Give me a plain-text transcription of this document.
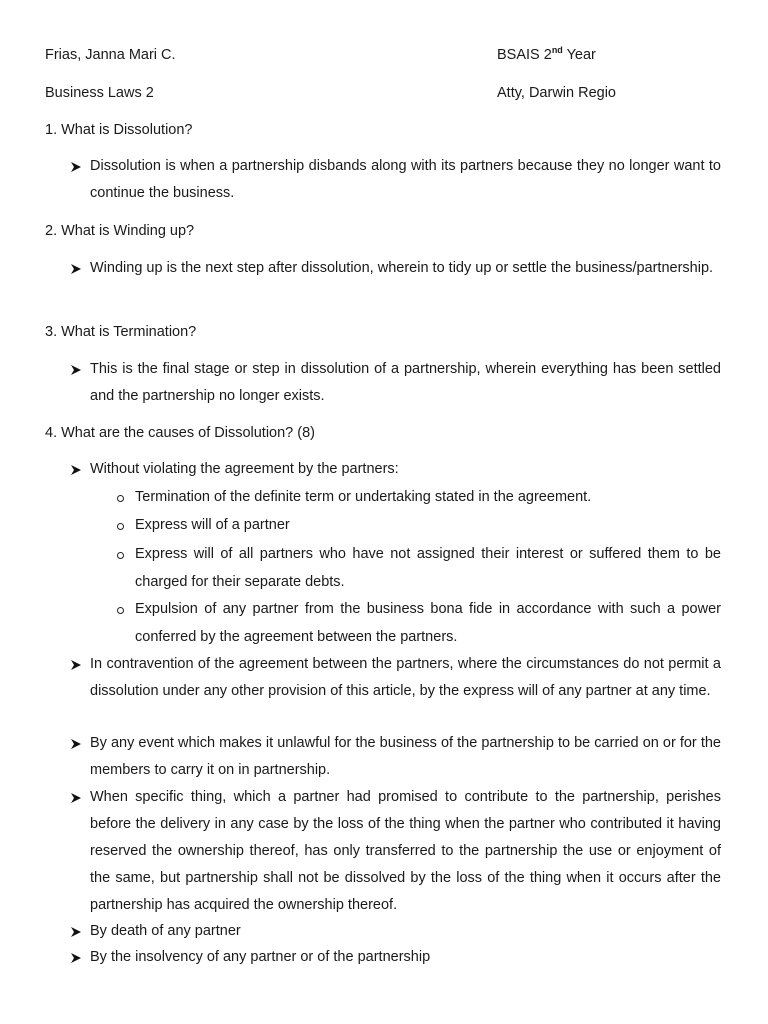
Frias, Janna Mari C.	BSAIS 2nd Year
Business Laws 2	Atty, Darwin Regio
1. What is Dissolution?
Dissolution is when a partnership disbands along with its partners because they no longer want to continue the business.
2. What is Winding up?
Winding up is the next step after dissolution, wherein to tidy up or settle the business/partnership.
3. What is Termination?
This is the final stage or step in dissolution of a partnership, wherein everything has been settled and the partnership no longer exists.
4. What are the causes of Dissolution? (8)
Without violating the agreement by the partners:
Termination of the definite term or undertaking stated in the agreement.
Express will of a partner
Express will of all partners who have not assigned their interest or suffered them to be charged for their separate debts.
Expulsion of any partner from the business bona fide in accordance with such a power conferred by the agreement between the partners.
In contravention of the agreement between the partners, where the circumstances do not permit a dissolution under any other provision of this article, by the express will of any partner at any time.
By any event which makes it unlawful for the business of the partnership to be carried on or for the members to carry it on in partnership.
When specific thing, which a partner had promised to contribute to the partnership, perishes before the delivery in any case by the loss of the thing when the partner who contributed it having reserved the ownership thereof, has only transferred to the partnership the use or enjoyment of the same, but partnership shall not be dissolved by the loss of the thing when it occurs after the partnership has acquired the ownership thereof.
By death of any partner
By the insolvency of any partner or of the partnership
